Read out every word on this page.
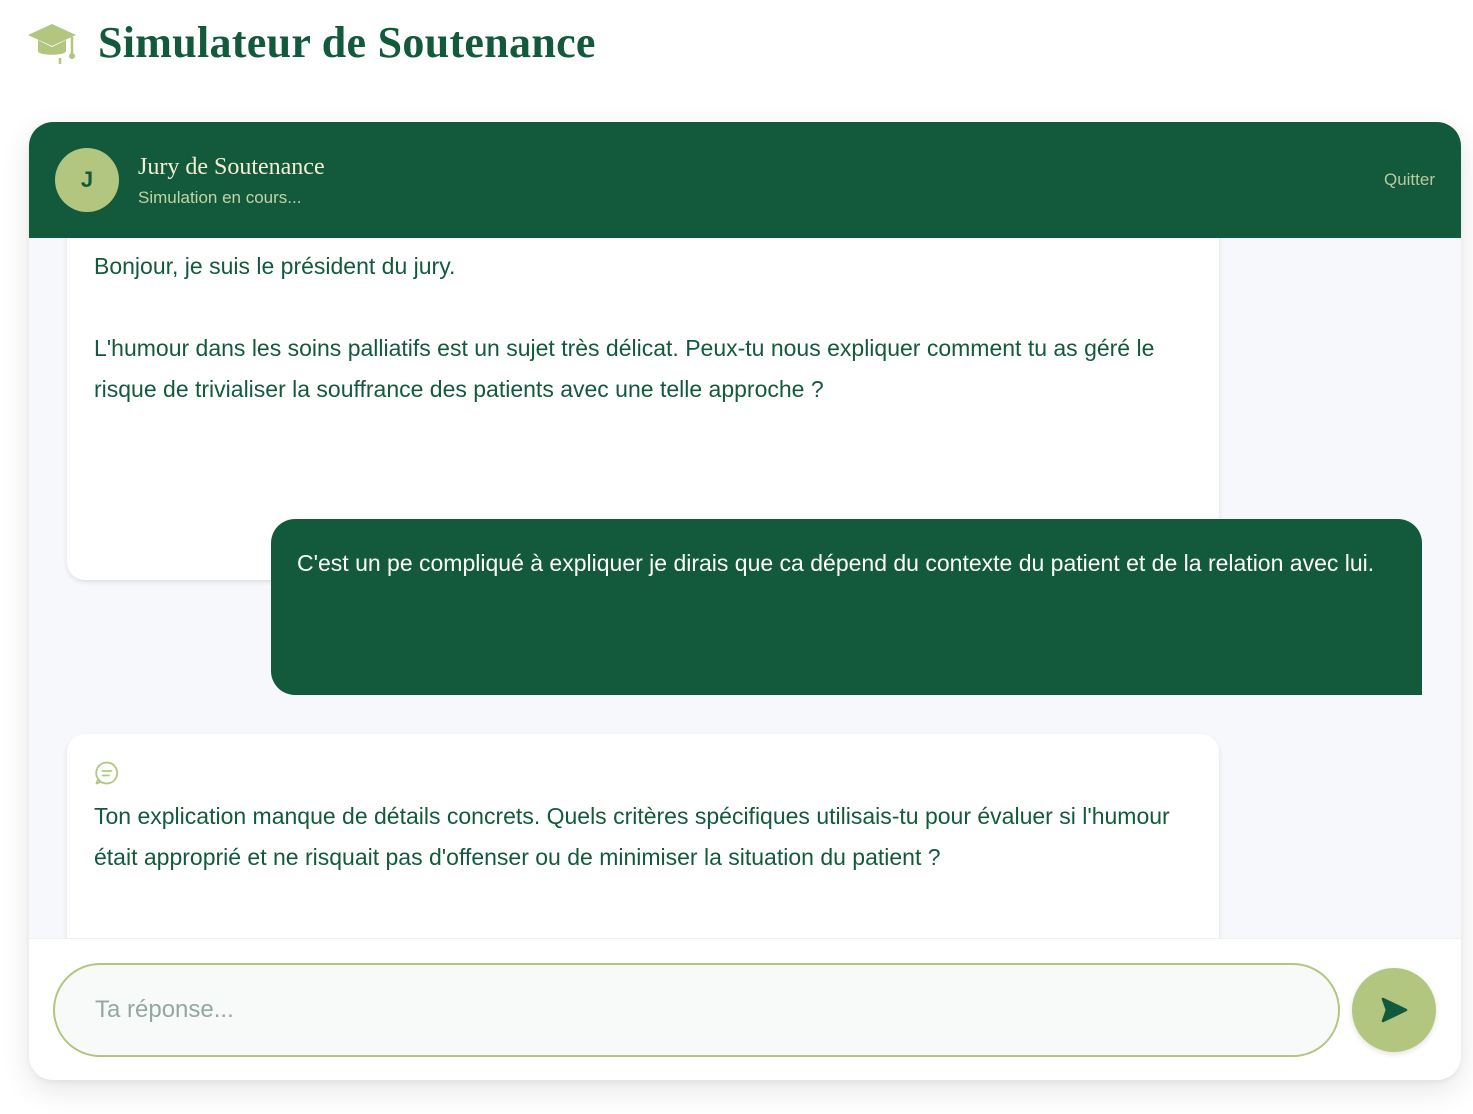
Simulateur de Soutenance
J	Jury de Soutenance
Simulation en cours...
Quitter

Bonjour, je suis le président du jury.

L'humour dans les soins palliatifs est un sujet très délicat. Peux-tu nous expliquer comment tu as géré le risque de trivialiser la souffrance des patients avec une telle approche ?

C'est un pe compliqué à expliquer je dirais que ca dépend du contexte du patient et de la relation avec lui.

Ton explication manque de détails concrets. Quels critères spécifiques utilisais-tu pour évaluer si l'humour était approprié et ne risquait pas d'offenser ou de minimiser la situation du patient ?

Ta réponse...
